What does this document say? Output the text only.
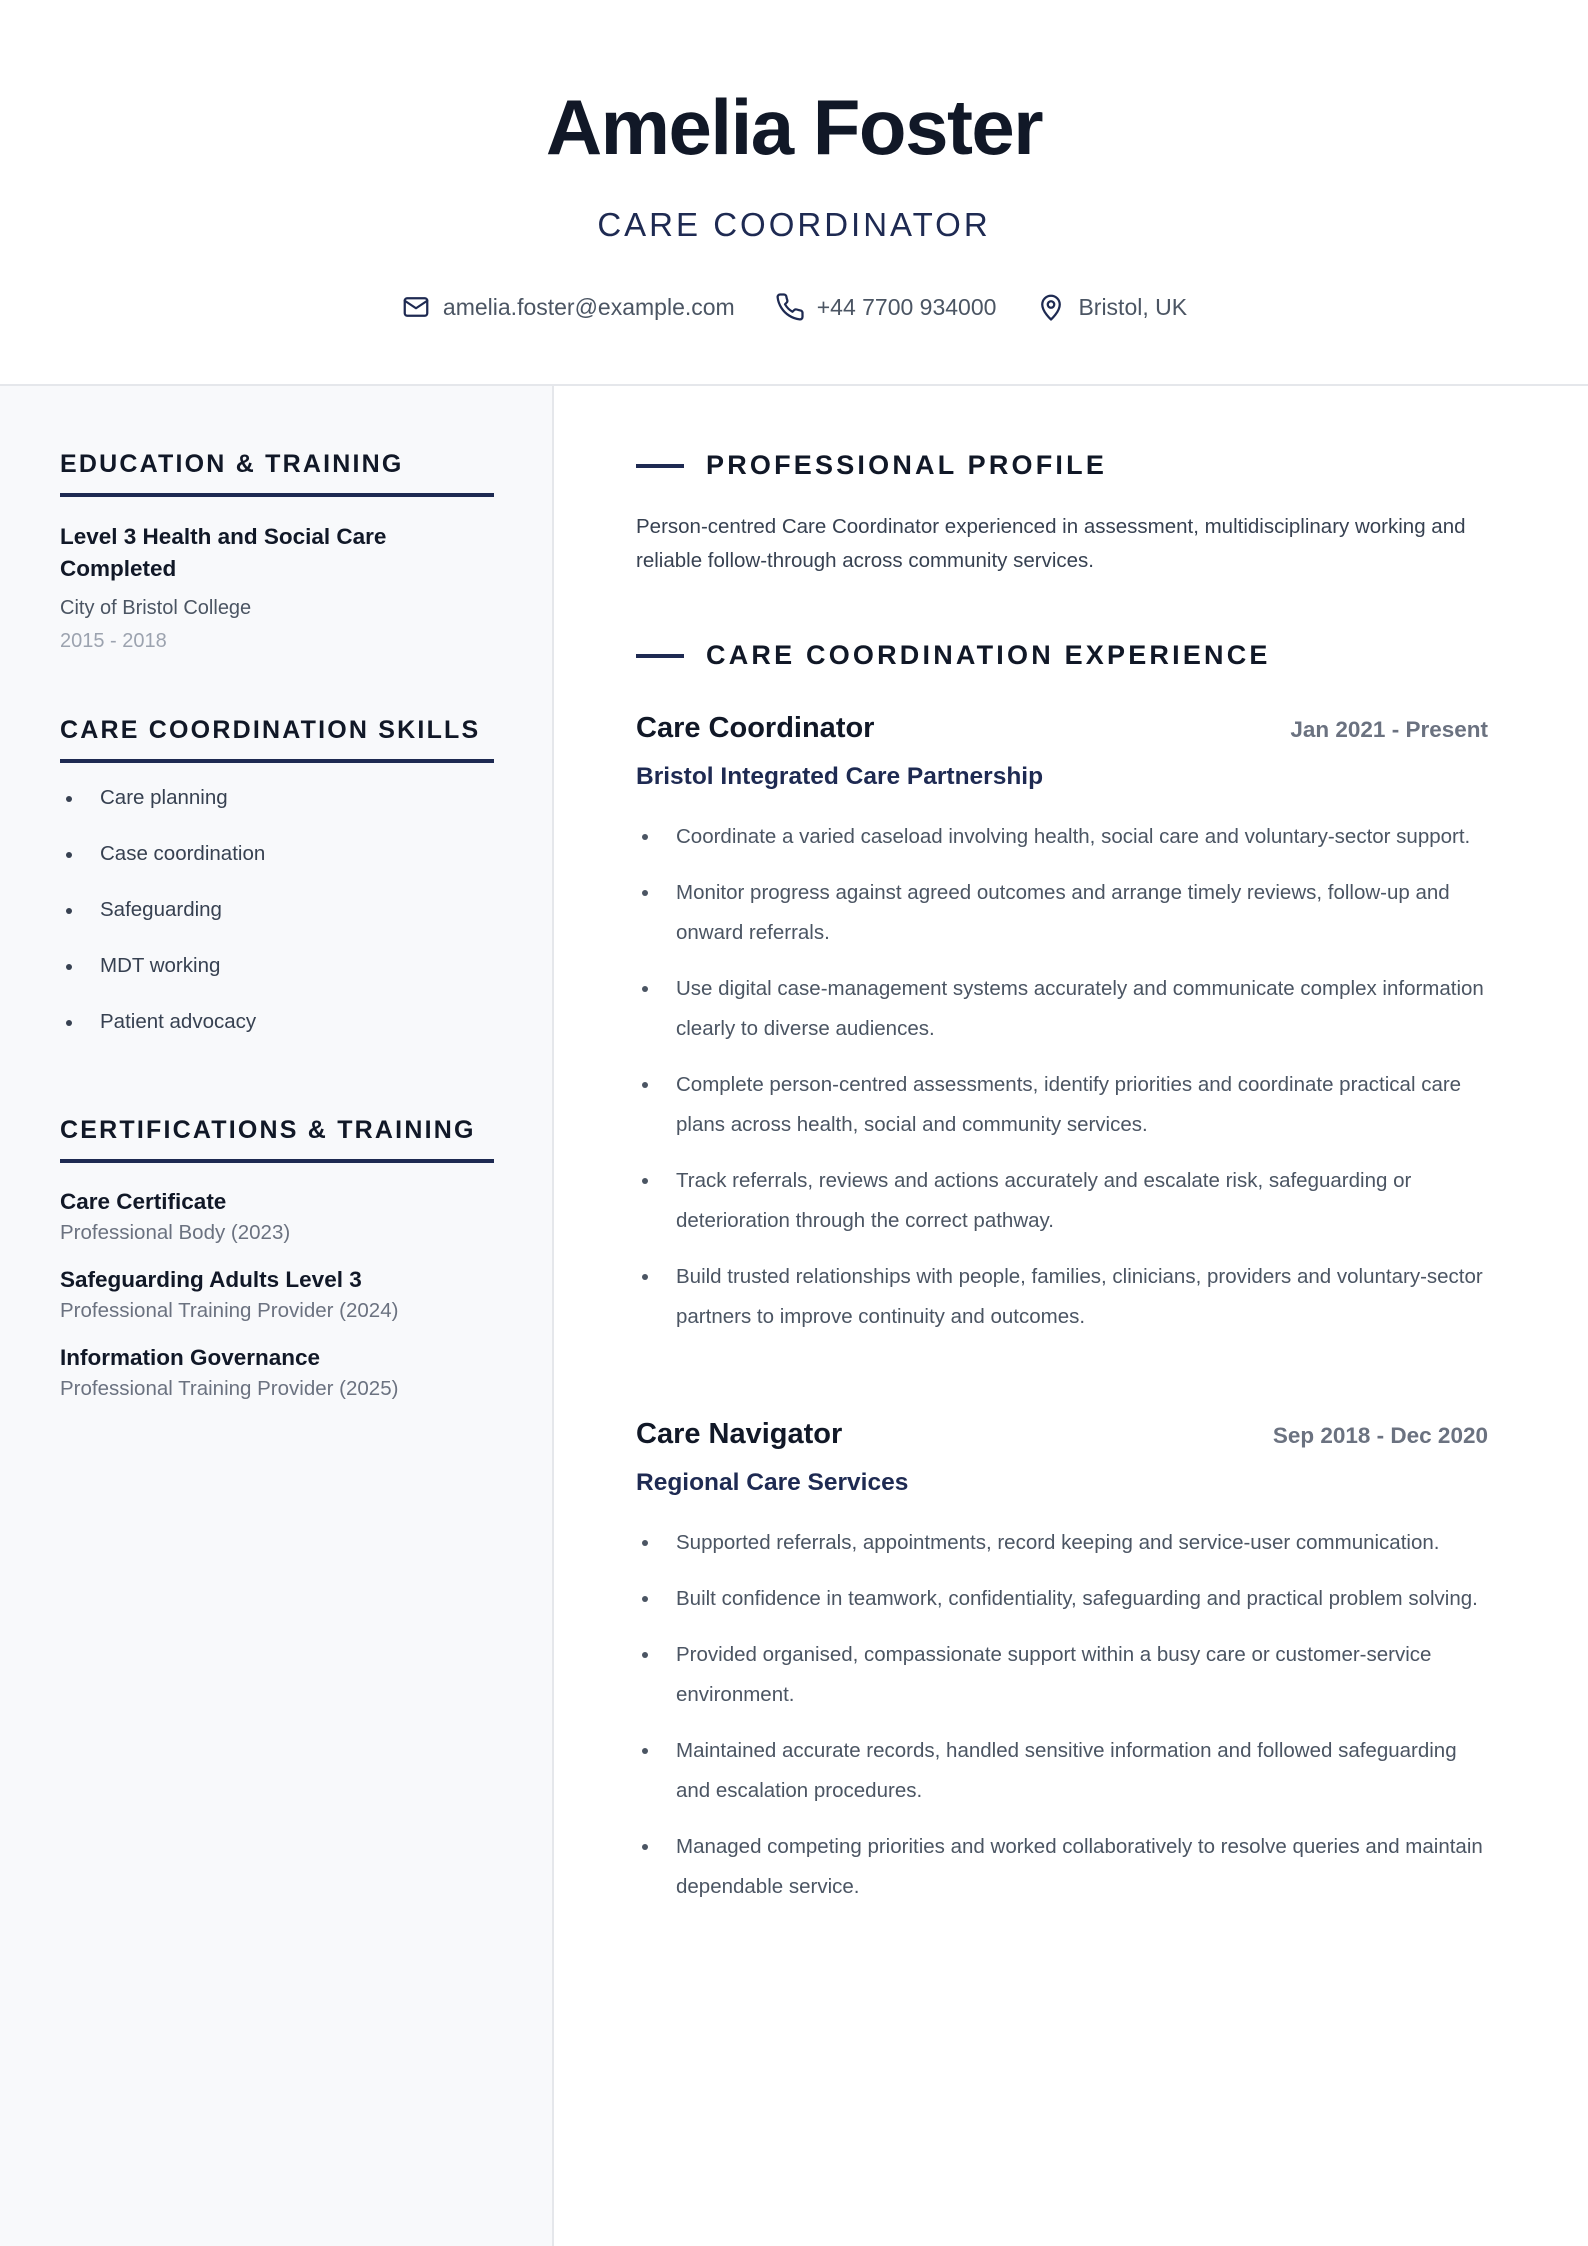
Amelia Foster
CARE COORDINATOR
amelia.foster@example.com	+44 7700 934000	Bristol, UK
EDUCATION & TRAINING
Level 3 Health and Social Care Completed
City of Bristol College
2015 - 2018
CARE COORDINATION SKILLS
Care planning
Case coordination
Safeguarding
MDT working
Patient advocacy
CERTIFICATIONS & TRAINING
Care Certificate
Professional Body (2023)
Safeguarding Adults Level 3
Professional Training Provider (2024)
Information Governance
Professional Training Provider (2025)
PROFESSIONAL PROFILE

Person-centred Care Coordinator experienced in assessment, multidisciplinary working and reliable follow-through across community services.

CARE COORDINATION EXPERIENCE
Care Coordinator	Jan 2021 - Present
Bristol Integrated Care Partnership
Coordinate a varied caseload involving health, social care and voluntary-sector support.
Monitor progress against agreed outcomes and arrange timely reviews, follow-up and onward referrals.
Use digital case-management systems accurately and communicate complex information clearly to diverse audiences.
Complete person-centred assessments, identify priorities and coordinate practical care plans across health, social and community services.
Track referrals, reviews and actions accurately and escalate risk, safeguarding or deterioration through the correct pathway.
Build trusted relationships with people, families, clinicians, providers and voluntary-sector partners to improve continuity and outcomes.
Care Navigator	Sep 2018 - Dec 2020
Regional Care Services
Supported referrals, appointments, record keeping and service-user communication.
Built confidence in teamwork, confidentiality, safeguarding and practical problem solving.
Provided organised, compassionate support within a busy care or customer-service environment.
Maintained accurate records, handled sensitive information and followed safeguarding and escalation procedures.
Managed competing priorities and worked collaboratively to resolve queries and maintain dependable service.
